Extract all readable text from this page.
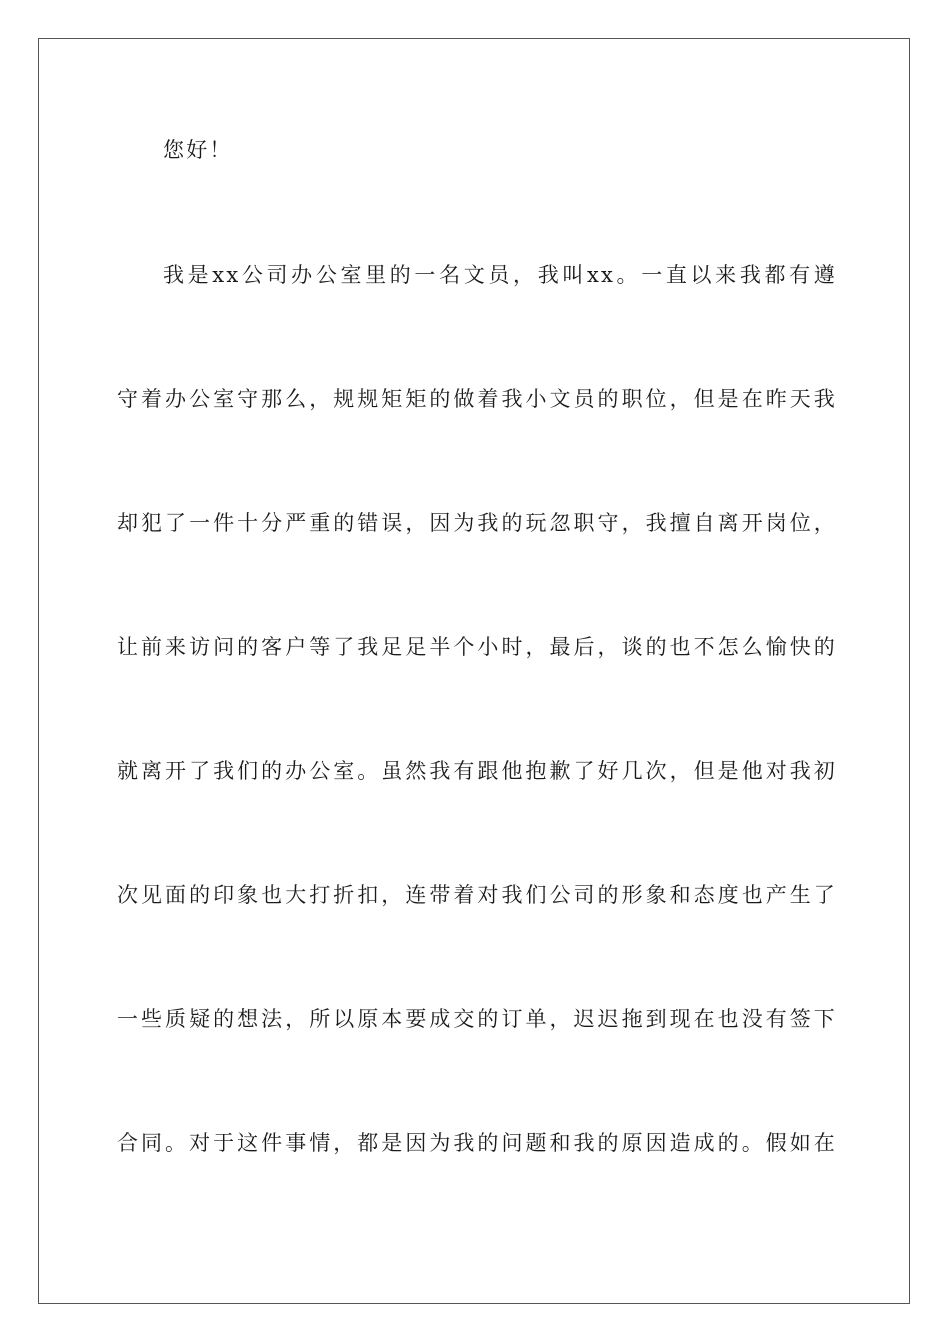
您好！
我是xx公司办公室里的一名文员，我叫xx。一直以来我都有遵
守着办公室守那么，规规矩矩的做着我小文员的职位，但是在昨天我
却犯了一件十分严重的错误，因为我的玩忽职守，我擅自离开岗位，
让前来访问的客户等了我足足半个小时，最后，谈的也不怎么愉快的
就离开了我们的办公室。虽然我有跟他抱歉了好几次，但是他对我初
次见面的印象也大打折扣，连带着对我们公司的形象和态度也产生了
一些质疑的想法，所以原本要成交的订单，迟迟拖到现在也没有签下
合同。对于这件事情，都是因为我的问题和我的原因造成的。假如在
